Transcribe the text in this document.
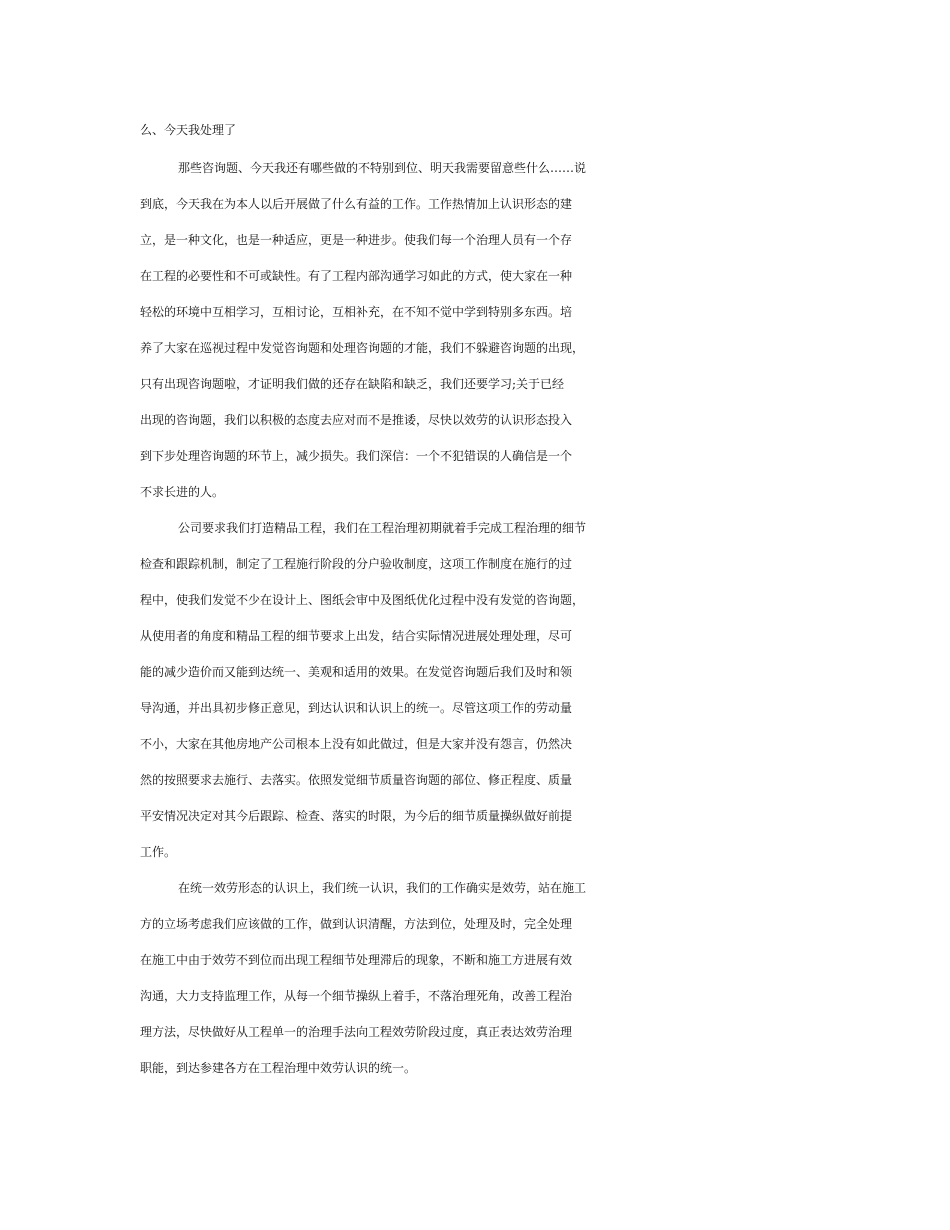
么、今天我处理了
那些咨询题、今天我还有哪些做的不特别到位、明天我需要留意些什么……说
到底，今天我在为本人以后开展做了什么有益的工作。工作热情加上认识形态的建
立，是一种文化，也是一种适应，更是一种进步。使我们每一个治理人员有一个存
在工程的必要性和不可或缺性。有了工程内部沟通学习如此的方式，使大家在一种
轻松的环境中互相学习，互相讨论，互相补充，在不知不觉中学到特别多东西。培
养了大家在巡视过程中发觉咨询题和处理咨询题的才能，我们不躲避咨询题的出现，
只有出现咨询题啦，才证明我们做的还存在缺陷和缺乏，我们还要学习;关于已经
出现的咨询题，我们以积极的态度去应对而不是推诿，尽快以效劳的认识形态投入
到下步处理咨询题的环节上，减少损失。我们深信：一个不犯错误的人确信是一个
不求长进的人。
公司要求我们打造精品工程，我们在工程治理初期就着手完成工程治理的细节
检查和跟踪机制，制定了工程施行阶段的分户验收制度，这项工作制度在施行的过
程中，使我们发觉不少在设计上、图纸会审中及图纸优化过程中没有发觉的咨询题，
从使用者的角度和精品工程的细节要求上出发，结合实际情况进展处理处理，尽可
能的减少造价而又能到达统一、美观和适用的效果。在发觉咨询题后我们及时和领
导沟通，并出具初步修正意见，到达认识和认识上的统一。尽管这项工作的劳动量
不小，大家在其他房地产公司根本上没有如此做过，但是大家并没有怨言，仍然决
然的按照要求去施行、去落实。依照发觉细节质量咨询题的部位、修正程度、质量
平安情况决定对其今后跟踪、检查、落实的时限，为今后的细节质量操纵做好前提
工作。
在统一效劳形态的认识上，我们统一认识，我们的工作确实是效劳，站在施工
方的立场考虑我们应该做的工作，做到认识清醒，方法到位，处理及时，完全处理
在施工中由于效劳不到位而出现工程细节处理滞后的现象，不断和施工方进展有效
沟通，大力支持监理工作，从每一个细节操纵上着手，不落治理死角，改善工程治
理方法，尽快做好从工程单一的治理手法向工程效劳阶段过度，真正表达效劳治理
职能，到达参建各方在工程治理中效劳认识的统一。
